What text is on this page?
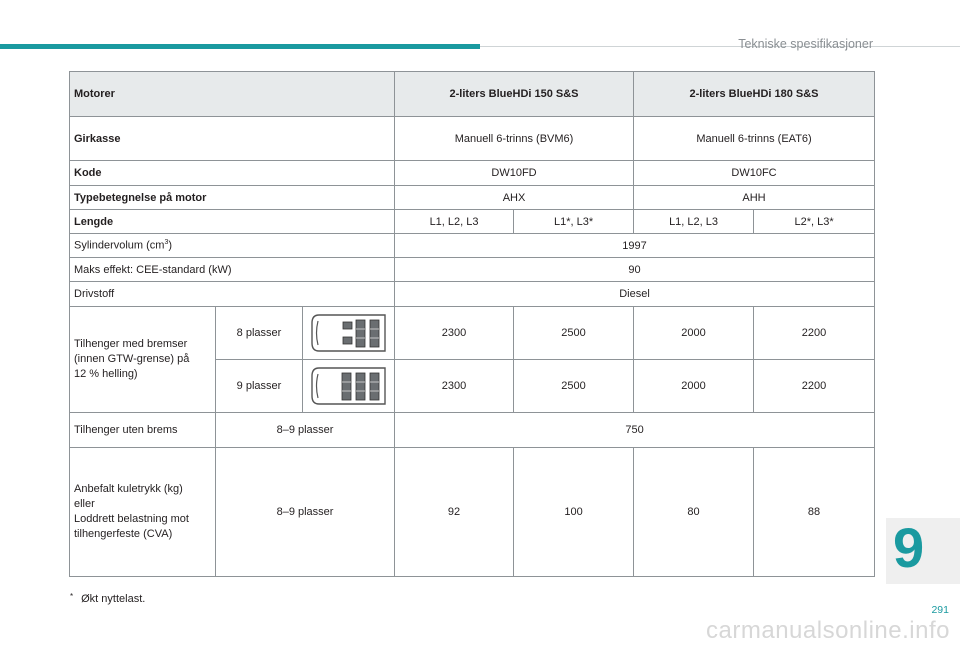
Tekniske spesifikasjoner
Motorer			2-liters BlueHDi 150 S&S		2-liters BlueHDi 180 S&S	
Girkasse			Manuell 6-trinns (BVM6)		Manuell 6-trinns (EAT6)	
Kode			DW10FD		DW10FC	
Typebetegnelse på motor			AHX		AHH	
Lengde			L1, L2, L3	L1*, L3*	L1, L2, L3	L2*, L3*
Sylindervolum $(cm^3)$			1997			
Maks effekt: CEE-standard (kW)			90			
Drivstoff			Diesel			
Tilhenger med bremser
(innen GTW-grense) på
12 % helling)	8 plasser		2300	2500	2000	2200
	9 plasser		2300	2500	2000	2200
Tilhenger uten brems	8–9 plasser		750			
Anbefalt kuletrykk (kg)
eller
Loddrett belastning mot
tilhengerfeste (CVA)	8–9 plasser		92	100	80	88
* Økt nyttelast.
9
291
carmanualsonline.info
